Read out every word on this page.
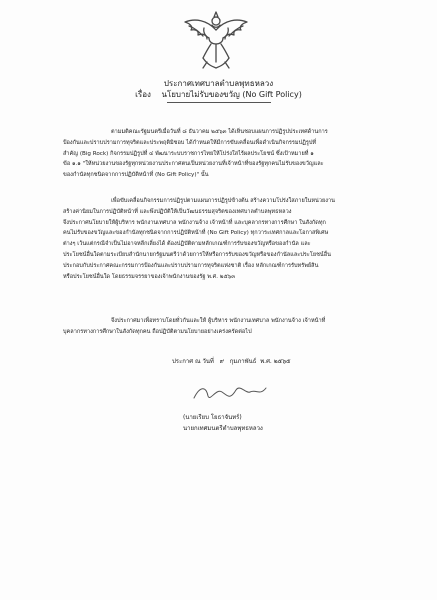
ประกาศเทศบาลตำบลพุทธหลวง
เรื่อง นโยบายไม่รับของขวัญ (No Gift Policy)
ตามมติคณะรัฐมนตรีเมื่อวันที่ ๘ ธันวาคม ๒๕๖๓ ได้เห็นชอบแผนการปฏิรูปประเทศด้านการ
ป้องกันและปราบปรามการทุจริตและประพฤติมิชอบ ได้กำหนดให้มีการขับเคลื่อนเพื่อดำเนินกิจกรรมปฏิรูปที่
สำคัญ (Big Rock) กิจกรรมปฏิรูปที่ ๔ พัฒนาระบบราชการไทยให้โปร่งใสไร้ผลประโยชน์ ซึ่งเป้าหมายที่ ๑
ข้อ ๑.๑ "ให้หน่วยงานของรัฐทุกหน่วยงานประกาศตนเป็นหน่วยงานที่เจ้าหน้าที่ของรัฐทุกคนไม่รับของขวัญและ
ของกำนัลทุกชนิดจากการปฏิบัติหน้าที่ (No Gift Policy)" นั้น
เพื่อขับเคลื่อนกิจกรรมการปฏิรูปตามแผนการปฏิรูปข้างต้น สร้างความโปร่งใสภายในหน่วยงาน
สร้างค่านิยมในการปฏิบัติหน้าที่ และพึงปฏิบัติให้เป็นวัฒนธรรมสุจริตของเทศบาลตำบลพุทธหลวง
จึงประกาศนโยบายให้ผู้บริหาร พนักงานเทศบาล พนักงานจ้าง เจ้าหน้าที่ และบุคลากรทางการศึกษา ในสังกัดทุก
คนไม่รับของขวัญและของกำนัลทุกชนิดจากการปฏิบัติหน้าที่ (No Gift Policy) ทุกวาระเทศกาลและโอกาสพิเศษ
ต่างๆ เว้นแต่กรณีจำเป็นไม่อาจหลีกเลี่ยงได้ ต้องปฏิบัติตามหลักเกณฑ์การรับของขวัญหรือของกำนัล และ
ประโยชน์อื่นใดตามระเบียบสำนักนายกรัฐมนตรีว่าด้วยการให้หรือการรับของขวัญหรือของกำนัลและประโยชน์อื่น
ประกอบกับประกาศคณะกรรมการป้องกันและปราบปรามการทุจริตแห่งชาติ เรื่อง หลักเกณฑ์การรับทรัพย์สิน
หรือประโยชน์อื่นใด โดยธรรมจรรยาของเจ้าพนักงานของรัฐ พ.ศ. ๒๕๖๓
จึงประกาศมาเพื่อทราบโดยทั่วกันและให้ ผู้บริหาร พนักงานเทศบาล พนักงานจ้าง เจ้าหน้าที่
บุคลากรทางการศึกษาในสังกัดทุกคน ถือปฏิบัติตามนโยบายอย่างเคร่งครัดต่อไป
ประกาศ ณ วันที่ ๙ กุมภาพันธ์ พ.ศ. ๒๕๖๕
(นายเรียบ โยธาจันทร์)
นายกเทศมนตรีตำบลพุทธหลวง
